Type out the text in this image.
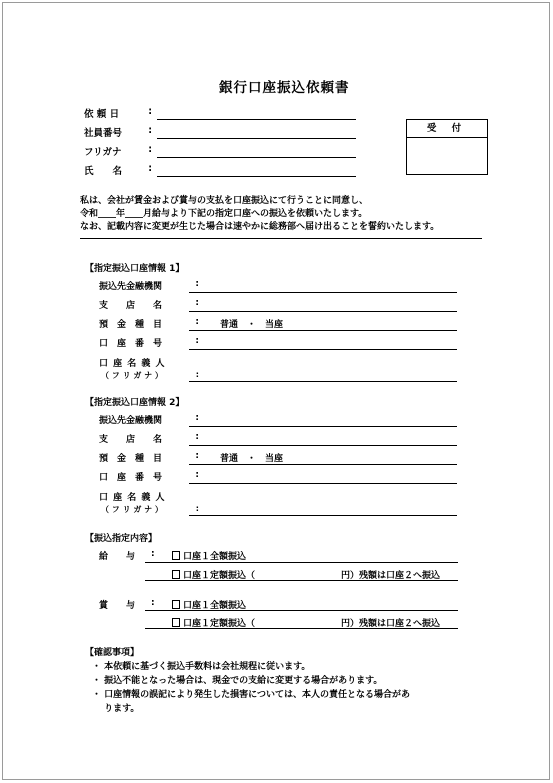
銀行口座振込依頼書
依 頼 日	:
社員番号	:
フリガナ	:
氏　　名	:
受 付
私は、会社が賃金および賞与の支払を口座振込にて行うことに同意し、
令和____年____月給与より下記の指定口座への振込を依頼いたします。
なお、記載内容に変更が生じた場合は速やかに総務部へ届け出ることを誓約いたします。
【指定振込口座情報 1】
振込先金融機関	:
支　　店　　名	:
預　金　種　目	: 普通　・　当座
口　座　番　号	:
口 座 名 義 人
（ フ リ ガ ナ ）	:
【指定振込口座情報 2】
振込先金融機関	:
支　　店　　名	:
預　金　種　目	: 普通　・　当座
口　座　番　号	:
口 座 名 義 人
（ フ リ ガ ナ ）	:
【振込指定内容】
給　　与 :	口座１全額振込
口座１定額振込（	円）残額は口座２へ振込
賞　　与 :	口座１全額振込
口座１定額振込（	円）残額は口座２へ振込
【確認事項】
・ 本依頼に基づく振込手数料は会社規程に従います。
・ 振込不能となった場合は、現金での支給に変更する場合があります。
・ 口座情報の誤記により発生した損害については、本人の責任となる場合があ
　 ります。
